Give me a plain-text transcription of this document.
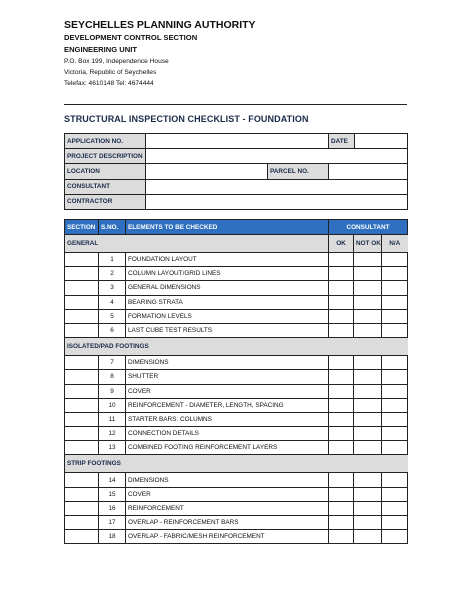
SEYCHELLES PLANNING AUTHORITY
DEVELOPMENT CONTROL SECTION
ENGINEERING UNIT
P.O. Box 199, Independence House
Victoria, Republic of Seychelles
Telefax: 4610148 Tel: 4674444
STRUCTURAL INSPECTION CHECKLIST - FOUNDATION
APPLICATION NO.			DATE	
PROJECT DESCRIPTION				
LOCATION		PARCEL NO.		
CONSULTANT				
CONTRACTOR				
SECTION	S.NO.	ELEMENTS TO BE CHECKED	CONSULTANT		
GENERAL			OK	NOT OK	N/A
	1	FOUNDATION LAYOUT			
	2	COLUMN LAYOUT/GRID LINES			
	3	GENERAL DIMENSIONS			
	4	BEARING STRATA			
	5	FORMATION LEVELS			
	6	LAST CUBE TEST RESULTS			
ISOLATED/PAD FOOTINGS					
	7	DIMENSIONS			
	8	SHUTTER			
	9	COVER			
	10	REINFORCEMENT - DIAMETER, LENGTH, SPACING			
	11	STARTER BARS: COLUMNS			
	12	CONNECTION DETAILS			
	13	COMBINED FOOTING REINFORCEMENT LAYERS			
STRIP FOOTINGS					
	14	DIMENSIONS			
	15	COVER			
	16	REINFORCEMENT			
	17	OVERLAP - REINFORCEMENT BARS			
	18	OVERLAP - FABRIC/MESH REINFORCEMENT			
